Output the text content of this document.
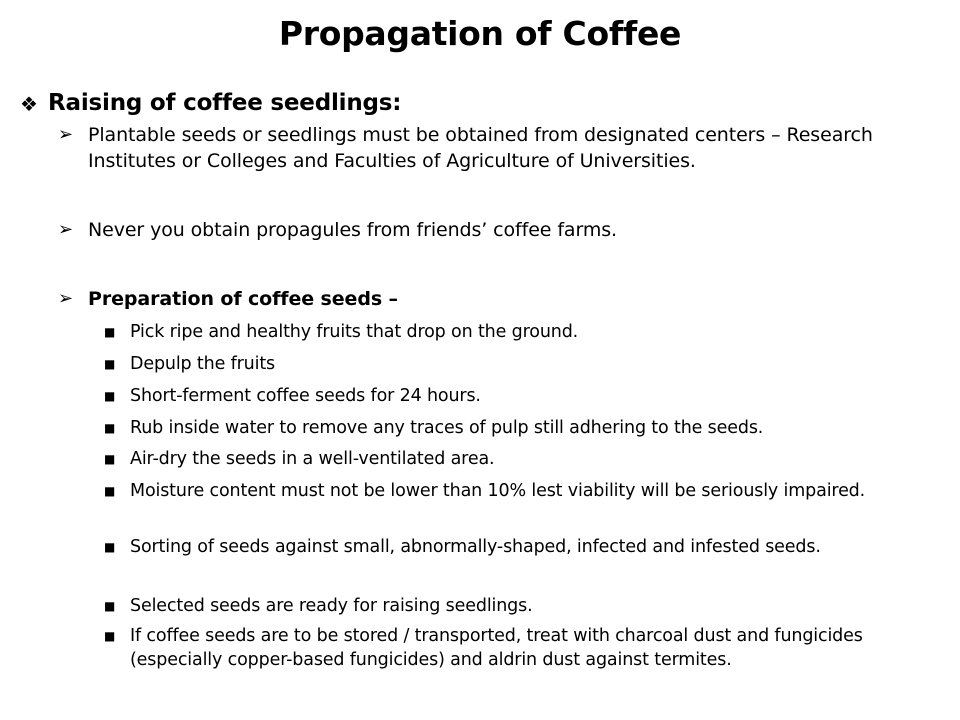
Propagation of Coffee
❖ Raising of coffee seedlings:
➢ Plantable seeds or seedlings must be obtained from designated centers – Research Institutes or Colleges and Faculties of Agriculture of Universities.
➢ Never you obtain propagules from friends’ coffee farms.
➢ Preparation of coffee seeds –
■ Pick ripe and healthy fruits that drop on the ground.
■ Depulp the fruits
■ Short-ferment coffee seeds for 24 hours.
■ Rub inside water to remove any traces of pulp still adhering to the seeds.
■ Air-dry the seeds in a well-ventilated area.
■ Moisture content must not be lower than 10% lest viability will be seriously impaired.
■ Sorting of seeds against small, abnormally-shaped, infected and infested seeds.
■ Selected seeds are ready for raising seedlings.
■ If coffee seeds are to be stored / transported, treat with charcoal dust and fungicides (especially copper-based fungicides) and aldrin dust against termites.
